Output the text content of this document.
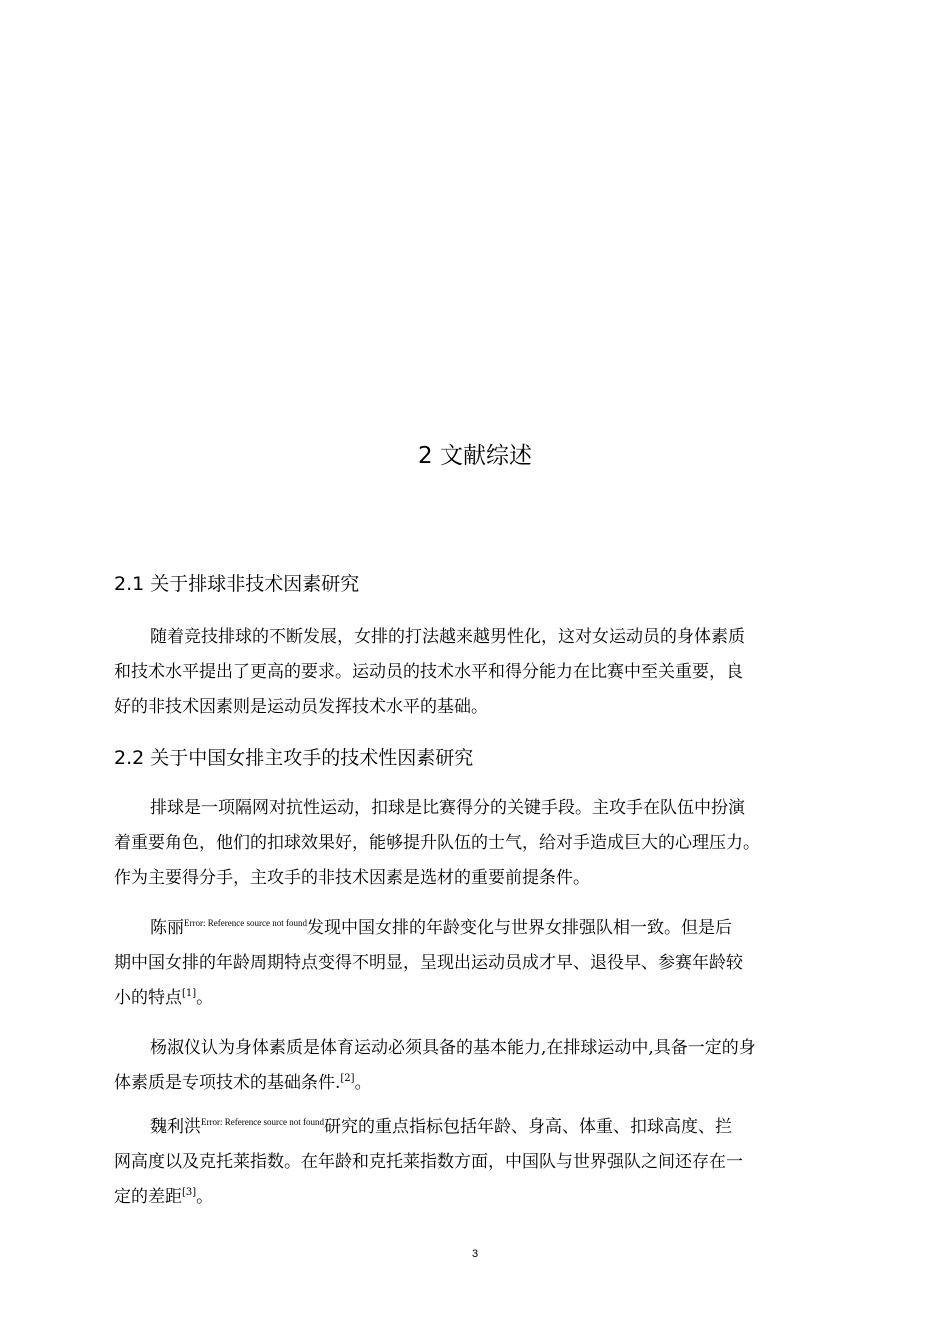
2 文献综述
2.1 关于排球非技术因素研究
随着竞技排球的不断发展，女排的打法越来越男性化，这对女运动员的身体素质
和技术水平提出了更高的要求。运动员的技术水平和得分能力在比赛中至关重要，良
好的非技术因素则是运动员发挥技术水平的基础。
2.2 关于中国女排主攻手的技术性因素研究
排球是一项隔网对抗性运动，扣球是比赛得分的关键手段。主攻手在队伍中扮演
着重要角色，他们的扣球效果好，能够提升队伍的士气，给对手造成巨大的心理压力。
作为主要得分手，主攻手的非技术因素是选材的重要前提条件。
陈丽$^{Error: Reference source not found}$发现中国女排的年龄变化与世界女排强队相一致。但是后
期中国女排的年龄周期特点变得不明显，呈现出运动员成才早、退役早、参赛年龄较
小的特点[1]。
杨淑仪认为身体素质是体育运动必须具备的基本能力,在排球运动中,具备一定的身
体素质是专项技术的基础条件.[2]。
魏利洪$^{Error: Reference source not found}$研究的重点指标包括年龄、身高、体重、扣球高度、拦
网高度以及克托莱指数。在年龄和克托莱指数方面，中国队与世界强队之间还存在一
定的差距[3]。
3
